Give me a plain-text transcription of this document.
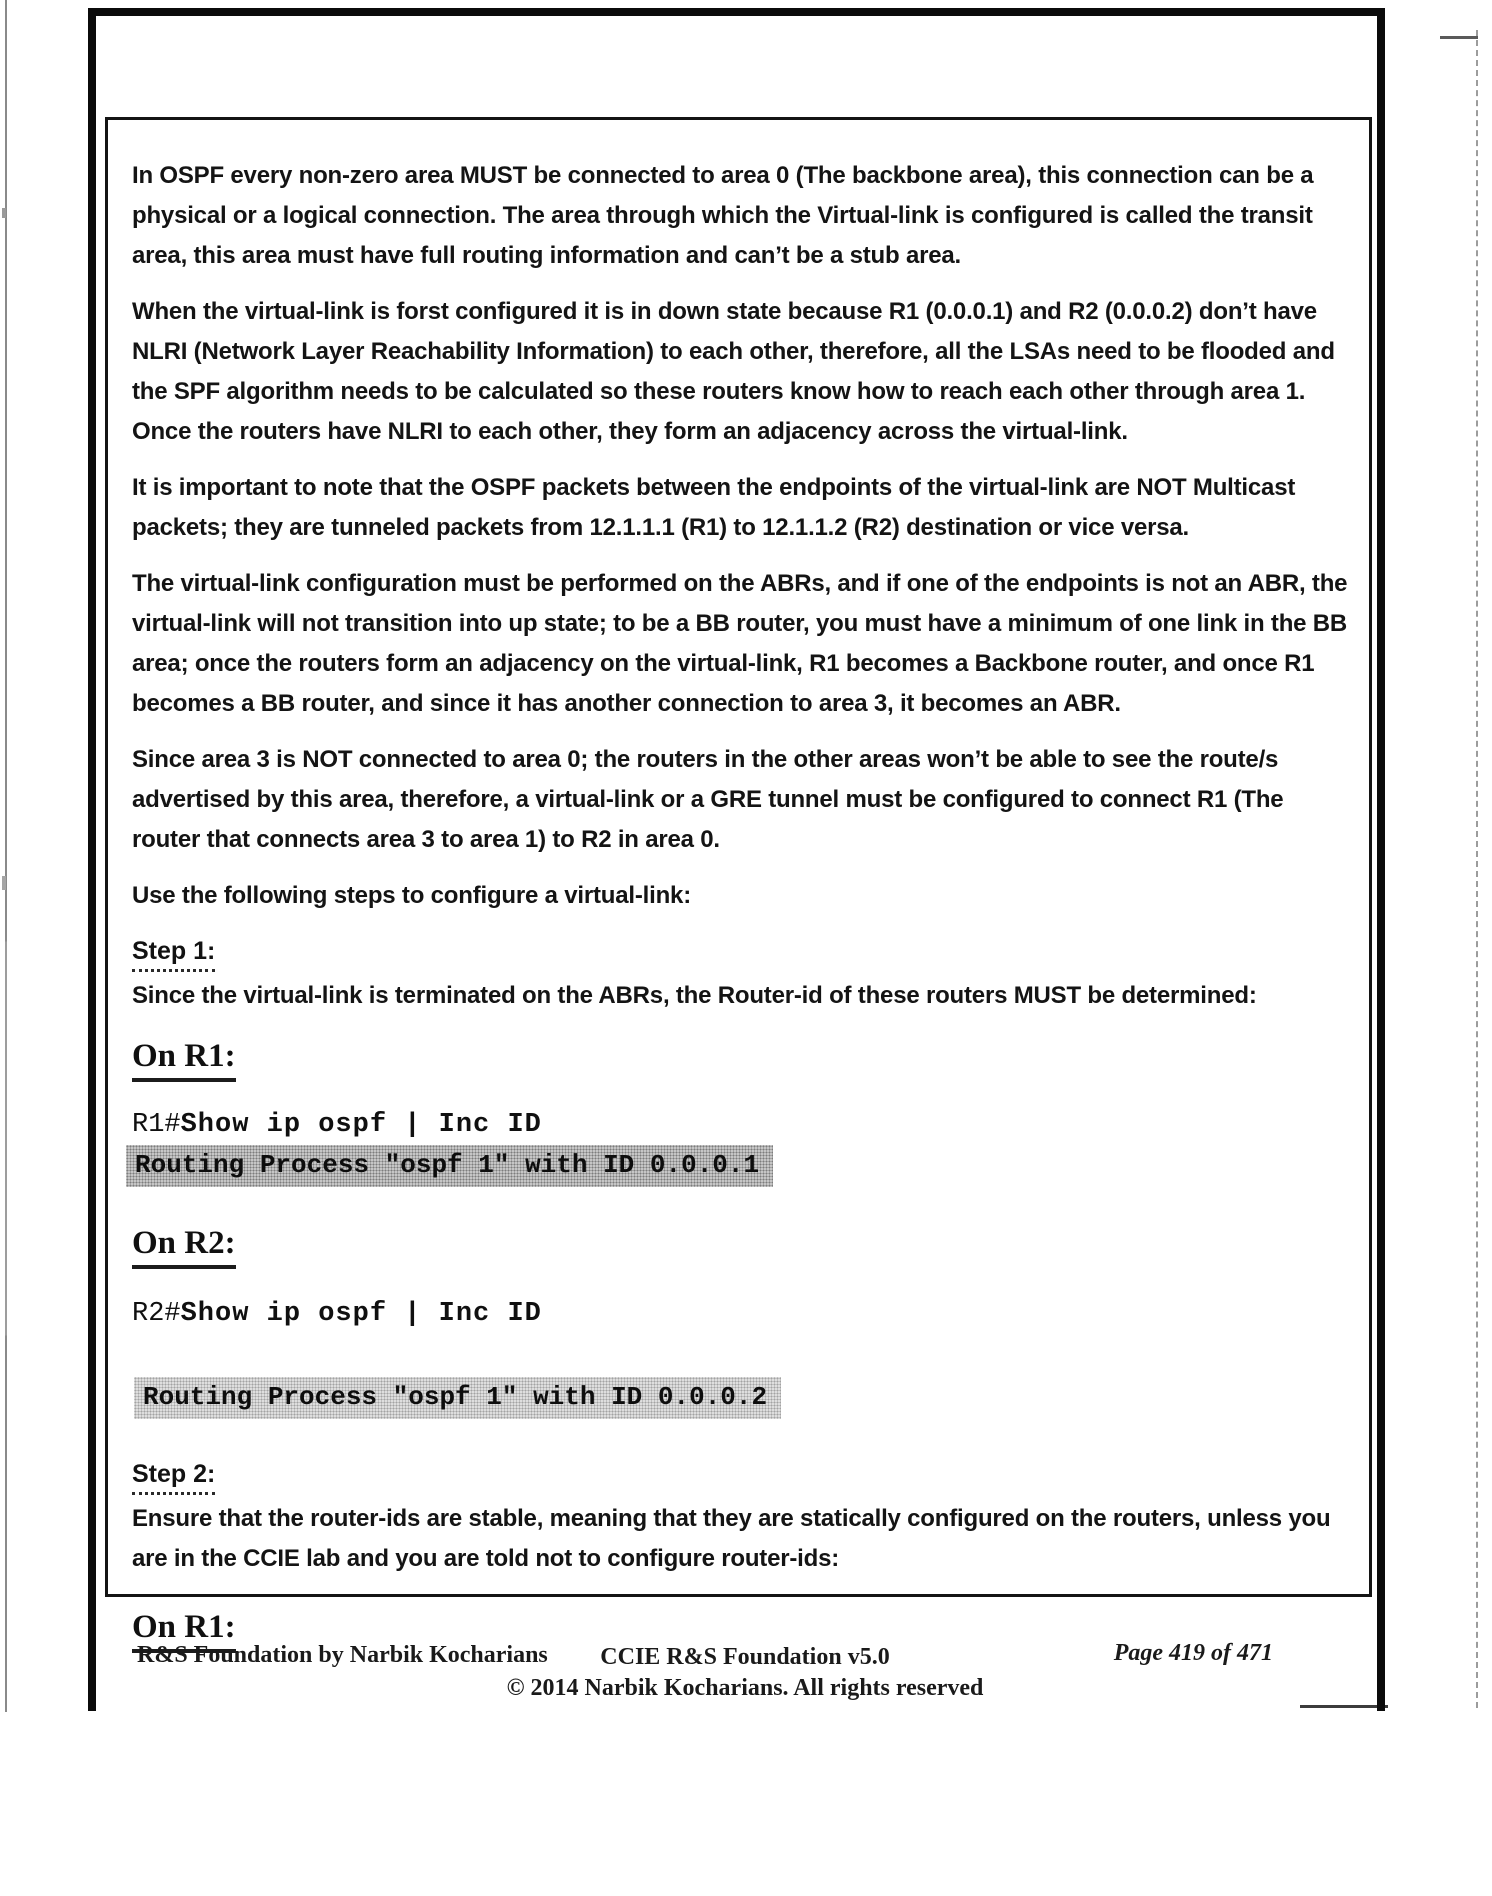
In OSPF every non-zero area MUST be connected to area 0 (The backbone area), this connection can be a physical or a logical connection. The area through which the Virtual-link is configured is called the transit area, this area must have full routing information and can’t be a stub area.

When the virtual-link is forst configured it is in down state because R1 (0.0.0.1) and R2 (0.0.0.2) don’t have NLRI (Network Layer Reachability Information) to each other, therefore, all the LSAs need to be flooded and the SPF algorithm needs to be calculated so these routers know how to reach each other through area 1. Once the routers have NLRI to each other, they form an adjacency across the virtual-link.

It is important to note that the OSPF packets between the endpoints of the virtual-link are NOT Multicast packets; they are tunneled packets from 12.1.1.1 (R1) to 12.1.1.2 (R2) destination or vice versa.

The virtual-link configuration must be performed on the ABRs, and if one of the endpoints is not an ABR, the virtual-link will not transition into up state; to be a BB router, you must have a minimum of one link in the BB area; once the routers form an adjacency on the virtual-link, R1 becomes a Backbone router, and once R1 becomes a BB router, and since it has another connection to area 3, it becomes an ABR.

Since area 3 is NOT connected to area 0; the routers in the other areas won’t be able to see the route/s advertised by this area, therefore, a virtual-link or a GRE tunnel must be configured to connect R1 (The router that connects area 3 to area 1) to R2 in area 0.

Use the following steps to configure a virtual-link:

Step 1:

Since the virtual-link is terminated on the ABRs, the Router-id of these routers MUST be determined:

On R1:
R1#Show ip ospf | Inc ID
Routing Process "ospf 1" with ID 0.0.0.1
On R2:
R2#Show ip ospf | Inc ID

Routing Process "ospf 1" with ID 0.0.0.2
Step 2:

Ensure that the router-ids are stable, meaning that they are statically configured on the routers, unless you are in the CCIE lab and you are told not to configure router-ids:

On R1:
R&S Foundation by Narbik Kocharians	CCIE R&S Foundation v5.0
© 2014 Narbik Kocharians. All rights reserved
Page 419 of 471
